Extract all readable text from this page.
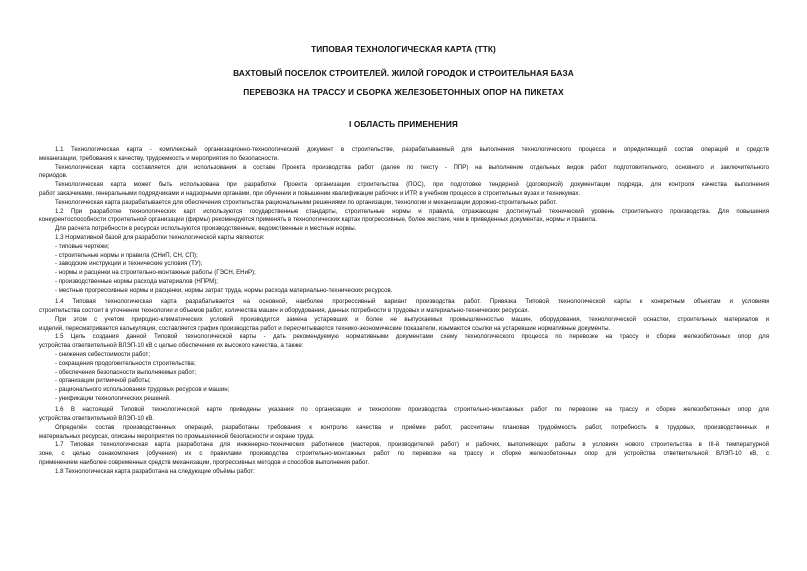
ТИПОВАЯ ТЕХНОЛОГИЧЕСКАЯ КАРТА (ТТК)
ВАХТОВЫЙ ПОСЕЛОК СТРОИТЕЛЕЙ. ЖИЛОЙ ГОРОДОК И СТРОИТЕЛЬНАЯ БАЗА
ПЕРЕВОЗКА НА ТРАССУ И СБОРКА ЖЕЛЕЗОБЕТОННЫХ ОПОР НА ПИКЕТАХ
I ОБЛАСТЬ ПРИМЕНЕНИЯ
1.1 Технологическая карта - комплексный организационно-технологический документ в строительстве, разрабатываемый для выполнения технологического процесса и определяющий состав операций и средств
механизации, требования к качеству, трудоемкость и мероприятия по безопасности.
Технологическая карта составляется для использования в составе Проекта производства работ (далее по тексту - ППР) на выполнение отдельных видов работ подготовительного, основного и заключительного
периодов.
Технологическая карта может быть использована при разработке Проекта организации строительства (ПОС), при подготовке тендерной (договорной) документации подряда, для контроля качества выполнения
работ заказчиками, генеральными подрядчиками и надзорными органами, при обучении и повышении квалификации рабочих и ИТР, в учебном процессе в строительных вузах и техникумах.
Технологическая карта разрабатывается для обеспечения строительства рациональными решениями по организации, технологии и механизации дорожно-строительных работ.
1.2 При разработке технологических карт используются государственные стандарты, строительные нормы и правила, отражающие достигнутый технический уровень строительного производства. Для повышения
конкурентоспособности строительной организации (фирмы) рекомендуется применять в технологических картах прогрессивные, более жесткие, чем в приведенных документах, нормы и правила.
Для расчета потребности в ресурсах используются производственные, ведомственные и местные нормы.
1.3 Нормативной базой для разработки технологической карты являются:
- типовые чертежи;
- строительные нормы и правила (СНиП, СН, СП);
- заводские инструкции и технические условия (ТУ);
- нормы и расценки на строительно-монтажные работы (ГЭСН, ЕНиР);
- производственные нормы расхода материалов (НПРМ);
- местные прогрессивные нормы и расценки, нормы затрат труда, нормы расхода материально-технических ресурсов.
1.4 Типовая технологическая карта разрабатывается на основной, наиболее прогрессивный вариант производства работ. Привязка Типовой технологической карты к конкретным объектам и условиям
строительства состоит в уточнении технологии и объемов работ, количества машин и оборудования, данных потребности в трудовых и материально-технических ресурсах.
При этом с учетом природно-климатических условий производится замена устаревших и более не выпускаемых промышленностью машин, оборудования, технологической оснастки, строительных материалов и
изделий, пересматривается калькуляция, составляется график производства работ и пересчитываются технико-экономические показатели, изымаются ссылки на устаревшие нормативные документы.
1.5 Цель создания данной Типовой технологической карты - дать рекомендуемую нормативными документами схему технологического процесса по перевозке на трассу и сборке железобетонных опор для
устройства ответвительной ВЛЭП-10 кВ с целью обеспечения их высокого качества, а также:
- снижения себестоимости работ;
- сокращения продолжительности строительства;
- обеспечения безопасности выполняемых работ;
- организации ритмичной работы;
- рационального использования трудовых ресурсов и машин;
- унификации технологических решений.
1.6 В настоящей Типовой технологической карте приведены указания по организации и технологии производства строительно-монтажных работ по перевозке на трассу и сборке железобетонных опор для
устройства ответвительной ВЛЭП-10 кВ.
Определён состав производственных операций, разработаны требования к контролю качества и приёмке работ, рассчитаны плановая трудоёмкость работ, потребность в трудовых, производственных и
материальных ресурсах, описаны мероприятия по промышленной безопасности и охране труда.
1.7 Типовая технологическая карта разработана для инженерно-технических работников (мастеров, производителей работ) и рабочих, выполняющих работы в условиях нового строительства в III-й температурной
зоне, с целью ознакомления (обучения) их с правилами производства строительно-монтажных работ по перевозке на трассу и сборке железобетонных опор для устройства ответвительной ВЛЭП-10 кВ, с
применением наиболее современных средств механизации, прогрессивных методов и способов выполнения работ.
1.8 Технологическая карта разработана на следующие объёмы работ:
